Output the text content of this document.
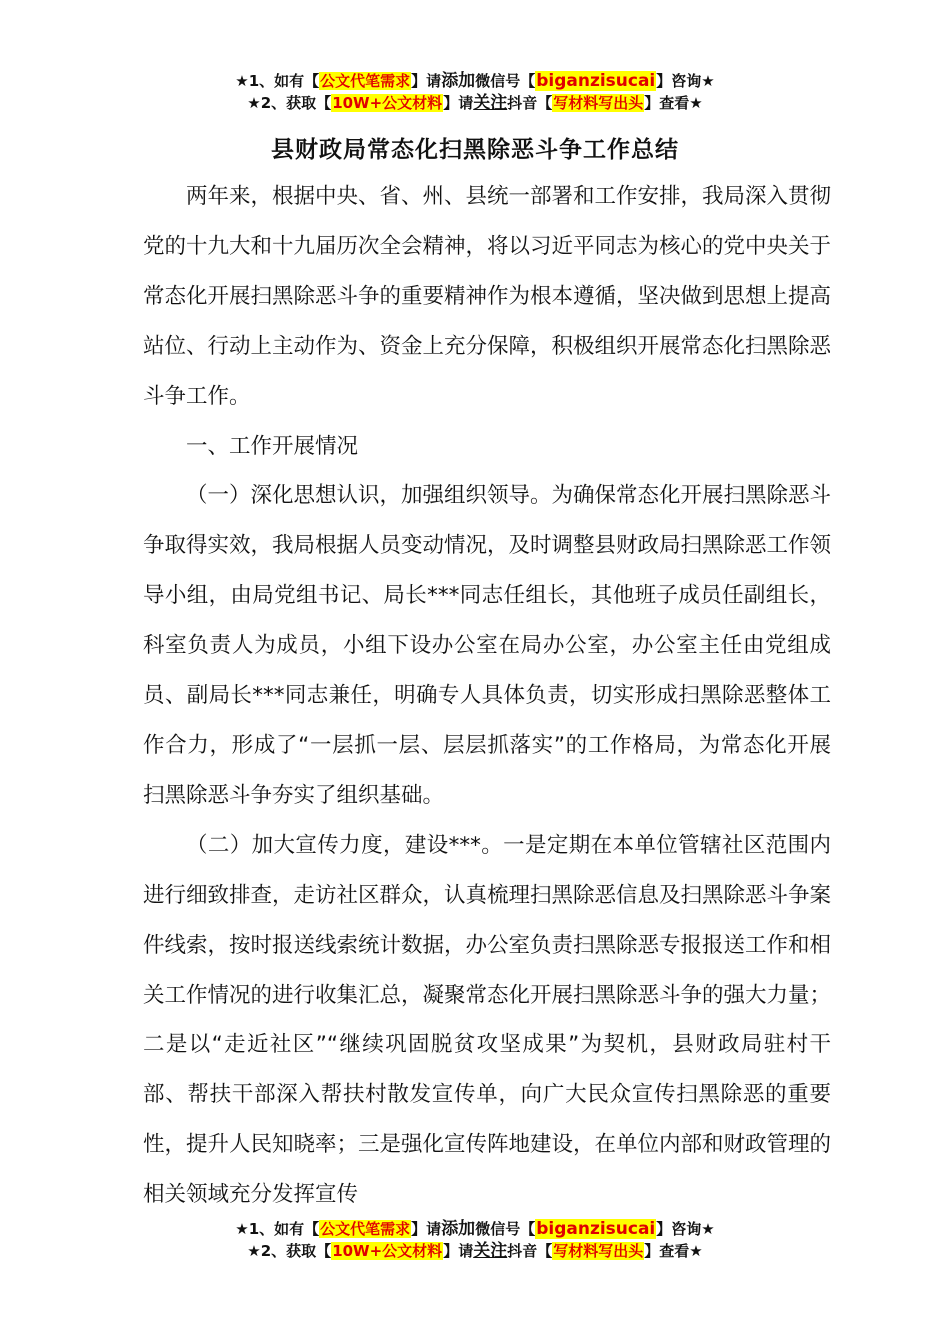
★1、如有【公文代笔需求】请添加微信号【biganzisucai】咨询★
★2、获取【10W+公文材料】请关注抖音【写材料写出头】查看★
县财政局常态化扫黑除恶斗争工作总结

两年来，根据中央、省、州、县统一部署和工作安排，我局深入贯彻党的十九大和十九届历次全会精神，将以习近平同志为核心的党中央关于常态化开展扫黑除恶斗争的重要精神作为根本遵循，坚决做到思想上提高站位、行动上主动作为、资金上充分保障，积极组织开展常态化扫黑除恶斗争工作。

一、工作开展情况

（一）深化思想认识，加强组织领导。为确保常态化开展扫黑除恶斗争取得实效，我局根据人员变动情况，及时调整县财政局扫黑除恶工作领导小组，由局党组书记、局长***同志任组长，其他班子成员任副组长，科室负责人为成员，小组下设办公室在局办公室，办公室主任由党组成员、副局长***同志兼任，明确专人具体负责，切实形成扫黑除恶整体工作合力，形成了“一层抓一层、层层抓落实”的工作格局，为常态化开展扫黑除恶斗争夯实了组织基础。

（二）加大宣传力度，建设***。一是定期在本单位管辖社区范围内进行细致排查，走访社区群众，认真梳理扫黑除恶信息及扫黑除恶斗争案件线索，按时报送线索统计数据，办公室负责扫黑除恶专报报送工作和相关工作情况的进行收集汇总，凝聚常态化开展扫黑除恶斗争的强大力量；二是以“走近社区”“继续巩固脱贫攻坚成果”为契机，县财政局驻村干部、帮扶干部深入帮扶村散发宣传单，向广大民众宣传扫黑除恶的重要性，提升人民知晓率；三是强化宣传阵地建设，在单位内部和财政管理的相关领域充分发挥宣传

★1、如有【公文代笔需求】请添加微信号【biganzisucai】咨询★
★2、获取【10W+公文材料】请关注抖音【写材料写出头】查看★
